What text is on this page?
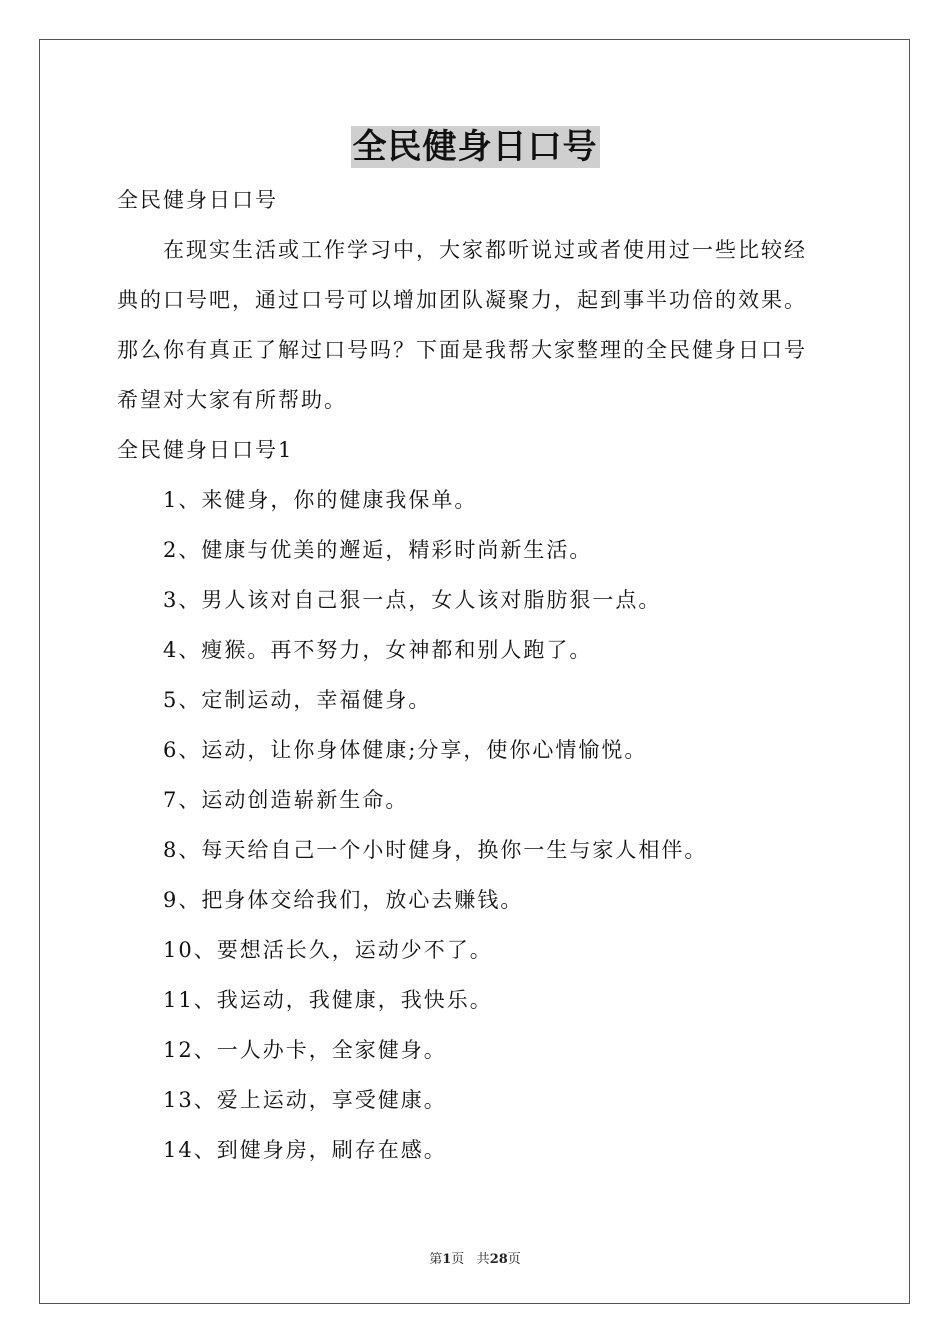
全民健身日口号
全民健身日口号
在现实生活或工作学习中，大家都听说过或者使用过一些比较经
典的口号吧，通过口号可以增加团队凝聚力，起到事半功倍的效果。
那么你有真正了解过口号吗？下面是我帮大家整理的全民健身日口号
希望对大家有所帮助。
全民健身日口号1
1、来健身，你的健康我保单。
2、健康与优美的邂逅，精彩时尚新生活。
3、男人该对自己狠一点，女人该对脂肪狠一点。
4、瘦猴。再不努力，女神都和别人跑了。
5、定制运动，幸福健身。
6、运动，让你身体健康;分享，使你心情愉悦。
7、运动创造崭新生命。
8、每天给自己一个小时健身，换你一生与家人相伴。
9、把身体交给我们，放心去赚钱。
10、要想活长久，运动少不了。
11、我运动，我健康，我快乐。
12、一人办卡，全家健身。
13、爱上运动，享受健康。
14、到健身房，刷存在感。
第1页 共28页
